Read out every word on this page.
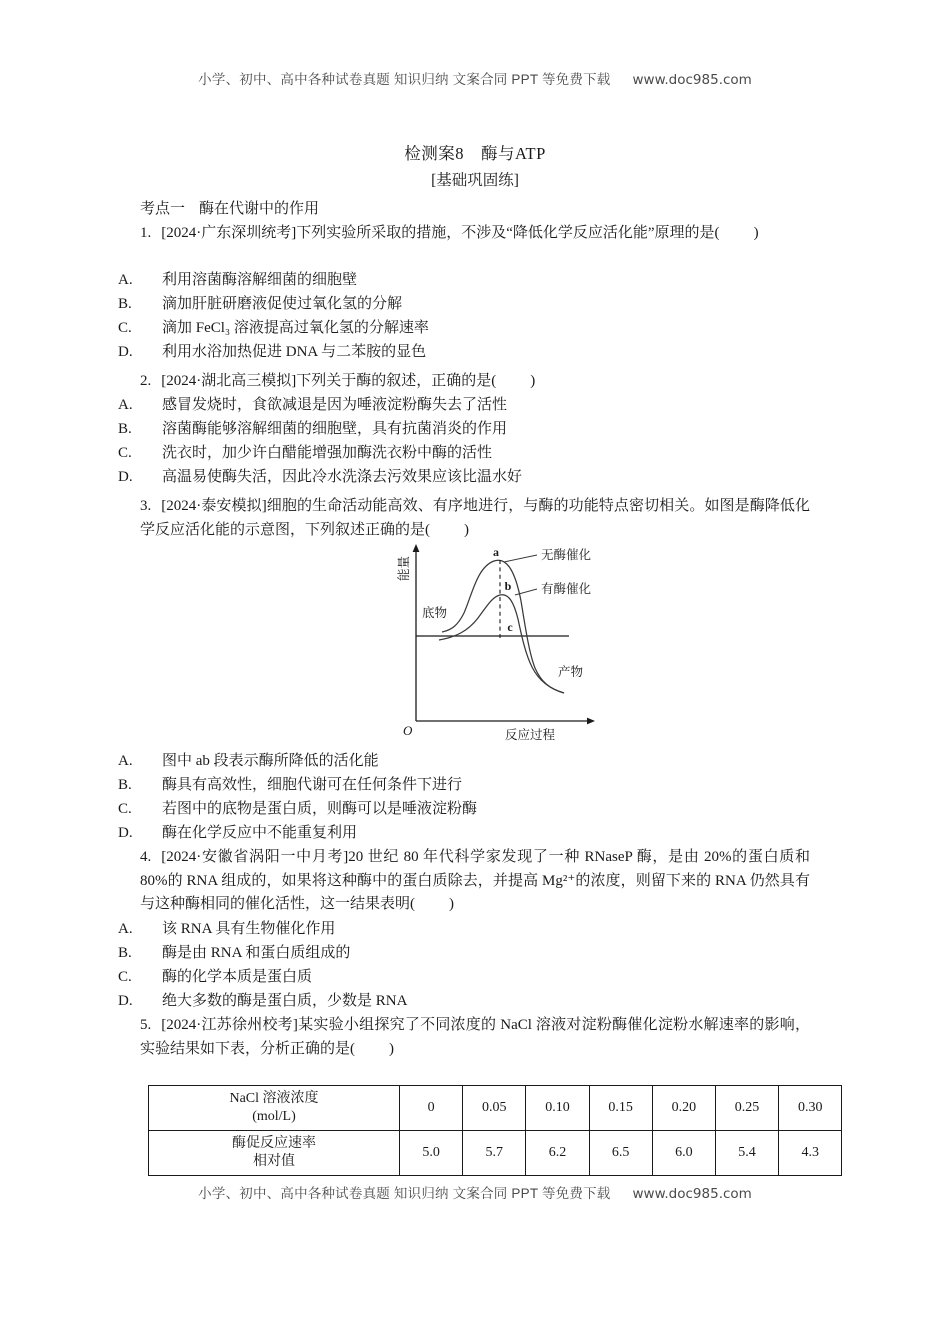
小学、初中、高中各种试卷真题 知识归纳 文案合同 PPT 等免费下载 www.doc985.com
检测案8　酶与ATP
[基础巩固练]
考点一 酶在代谢中的作用
1. [2024·广东深圳统考]下列实验所采取的措施，不涉及“降低化学反应活化能”原理的是( )
A. 利用溶菌酶溶解细菌的细胞壁
B. 滴加肝脏研磨液促使过氧化氢的分解
C. 滴加 FeCl₃ 溶液提高过氧化氢的分解速率
D. 利用水浴加热促进 DNA 与二苯胺的显色
2. [2024·湖北高三模拟]下列关于酶的叙述，正确的是( )
A. 感冒发烧时，食欲减退是因为唾液淀粉酶失去了活性
B. 溶菌酶能够溶解细菌的细胞壁，具有抗菌消炎的作用
C. 洗衣时，加少许白醋能增强加酶洗衣粉中酶的活性
D. 高温易使酶失活，因此冷水洗涤去污效果应该比温水好
3. [2024·泰安模拟]细胞的生命活动能高效、有序地进行，与酶的功能特点密切相关。如图是酶降低化学反应活化能的示意图，下列叙述正确的是( )
a
b
c
无酶催化
有酶催化
底物
产物
能量
O	反应过程
A. 图中 ab 段表示酶所降低的活化能
B. 酶具有高效性，细胞代谢可在任何条件下进行
C. 若图中的底物是蛋白质，则酶可以是唾液淀粉酶
D. 酶在化学反应中不能重复利用
4. [2024·安徽省涡阳一中月考]20 世纪 80 年代科学家发现了一种 RNaseP 酶，是由 20%的蛋白质和 80%的 RNA 组成的，如果将这种酶中的蛋白质除去，并提高 Mg²⁺的浓度，则留下来的 RNA 仍然具有与这种酶相同的催化活性，这一结果表明( )
A. 该 RNA 具有生物催化作用
B. 酶是由 RNA 和蛋白质组成的
C. 酶的化学本质是蛋白质
D. 绝大多数的酶是蛋白质，少数是 RNA
5. [2024·江苏徐州校考]某实验小组探究了不同浓度的 NaCl 溶液对淀粉酶催化淀粉水解速率的影响，实验结果如下表，分析正确的是( )
NaCl 溶液浓度
(mol/L)	0	0.05	0.10	0.15	0.20	0.25	0.30
酶促反应速率
相对值	5.0	5.7	6.2	6.5	6.0	5.4	4.3
小学、初中、高中各种试卷真题 知识归纳 文案合同 PPT 等免费下载 www.doc985.com
